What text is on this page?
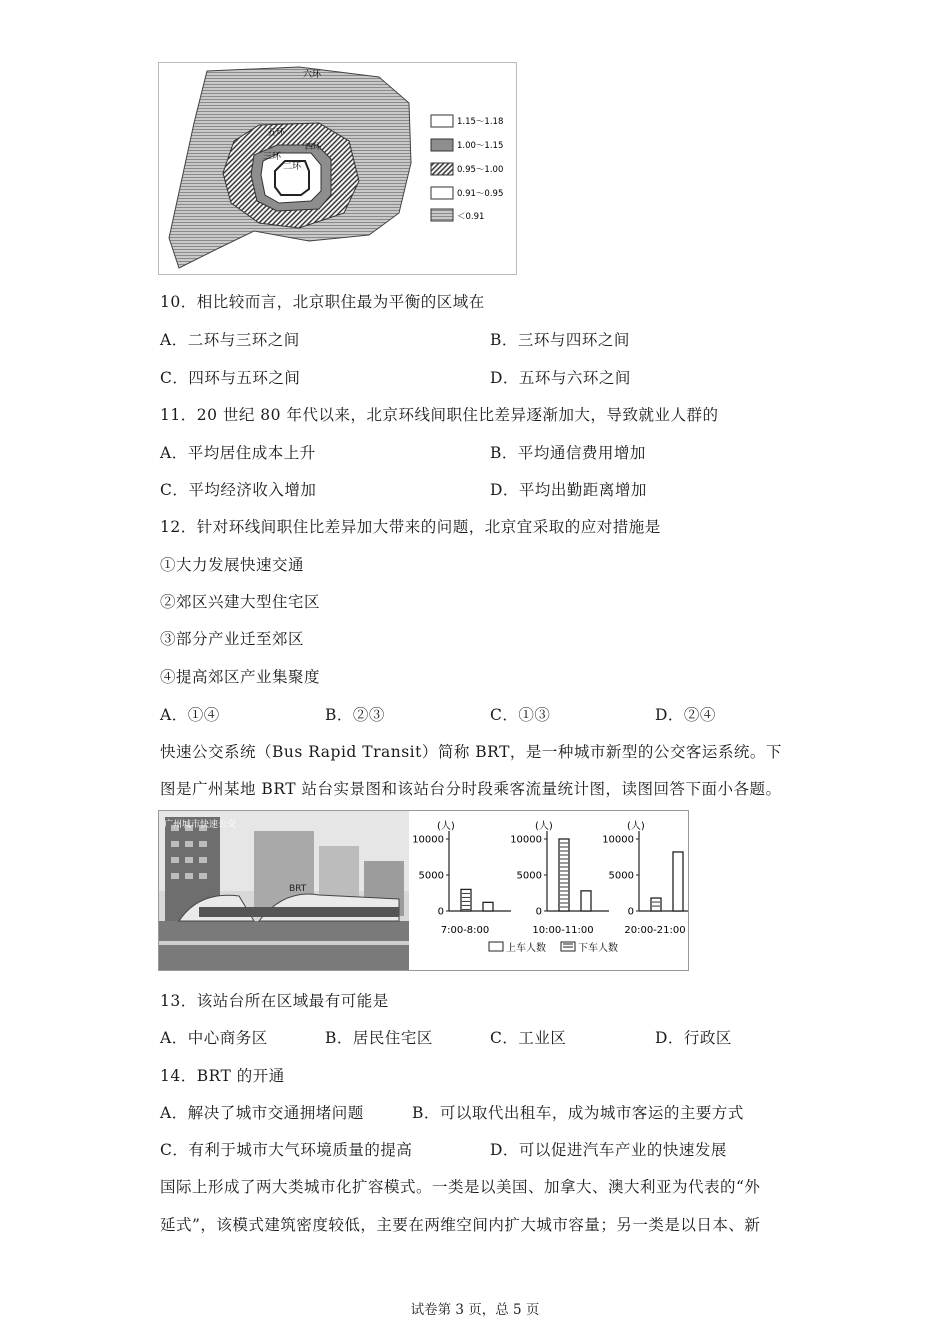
六环
五环
四环
三环
二环
1.15～1.18
1.00～1.15
0.95～1.00
0.91～0.95
＜0.91
10．相比较而言，北京职住最为平衡的区域在
A．二环与三环之间	B．三环与四环之间
C．四环与五环之间	D．五环与六环之间
11．20 世纪 80 年代以来，北京环线间职住比差异逐渐加大，导致就业人群的
A．平均居住成本上升	B．平均通信费用增加
C．平均经济收入增加	D．平均出勤距离增加
12．针对环线间职住比差异加大带来的问题，北京宜采取的应对措施是
①大力发展快速交通
②郊区兴建大型住宅区
③部分产业迁至郊区
④提高郊区产业集聚度
A．①④	B．②③	C．①③	D．②④
快速公交系统（Bus Rapid Transit）简称 BRT，是一种城市新型的公交客运系统。下
图是广州某地 BRT 站台实景图和该站台分时段乘客流量统计图，读图回答下面小各题。
广州城市快速公交
BRT
(人)
0
5000
10000
7:00-8:00
(人)
0
5000
10000
10:00-11:00
(人)
0
5000
10000
20:00-21:00
上车人数	下车人数
13．该站台所在区域最有可能是
A．中心商务区	B．居民住宅区	C．工业区	D．行政区
14．BRT 的开通
A．解决了城市交通拥堵问题	B．可以取代出租车，成为城市客运的主要方式
C．有利于城市大气环境质量的提高	D．可以促进汽车产业的快速发展
国际上形成了两大类城市化扩容模式。一类是以美国、加拿大、澳大利亚为代表的“外
延式”，该模式建筑密度较低，主要在两维空间内扩大城市容量；另一类是以日本、新
试卷第 3 页，总 5 页
